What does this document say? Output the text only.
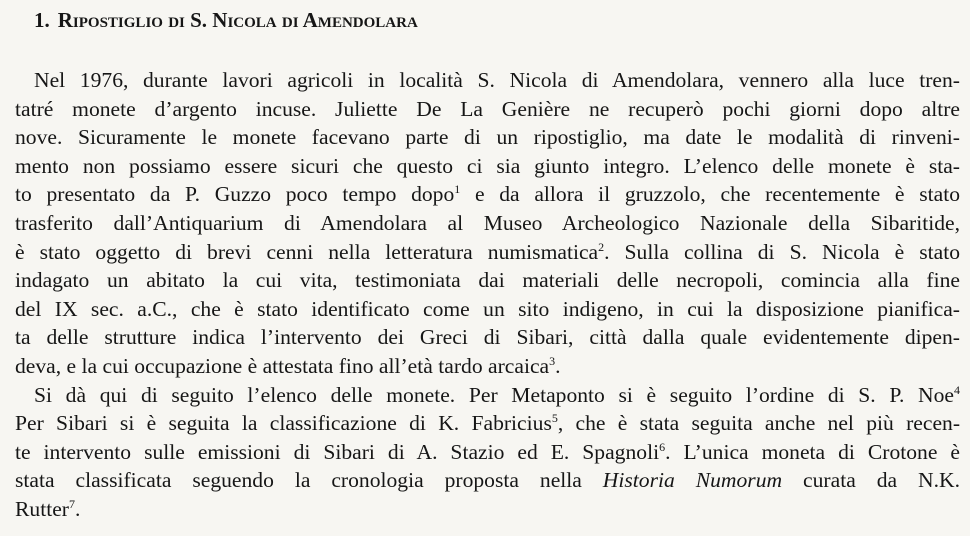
1. Ripostiglio di S. Nicola di Amendolara
Nel 1976, durante lavori agricoli in località S. Nicola di Amendolara, vennero alla luce tren-
tatré monete d’argento incuse. Juliette De La Genière ne recuperò pochi giorni dopo altre
nove. Sicuramente le monete facevano parte di un ripostiglio, ma date le modalità di rinveni-
mento non possiamo essere sicuri che questo ci sia giunto integro. L’elenco delle monete è sta-
to presentato da P. Guzzo poco tempo dopo$^1$ e da allora il gruzzolo, che recentemente è stato
trasferito dall’Antiquarium di Amendolara al Museo Archeologico Nazionale della Sibaritide,
è stato oggetto di brevi cenni nella letteratura numismatica$^2$. Sulla collina di S. Nicola è stato
indagato un abitato la cui vita, testimoniata dai materiali delle necropoli, comincia alla fine
del IX sec. a.C., che è stato identificato come un sito indigeno, in cui la disposizione pianifica-
ta delle strutture indica l’intervento dei Greci di Sibari, città dalla quale evidentemente dipen-
deva, e la cui occupazione è attestata fino all’età tardo arcaica$^3$.
Si dà qui di seguito l’elenco delle monete. Per Metaponto si è seguito l’ordine di S. P. Noe$^4$
Per Sibari si è seguita la classificazione di K. Fabricius$^5$, che è stata seguita anche nel più recen-
te intervento sulle emissioni di Sibari di A. Stazio ed E. Spagnoli$^6$. L’unica moneta di Crotone è
stata classificata seguendo la cronologia proposta nella Historia Numorum curata da N.K.
Rutter$^7$.
